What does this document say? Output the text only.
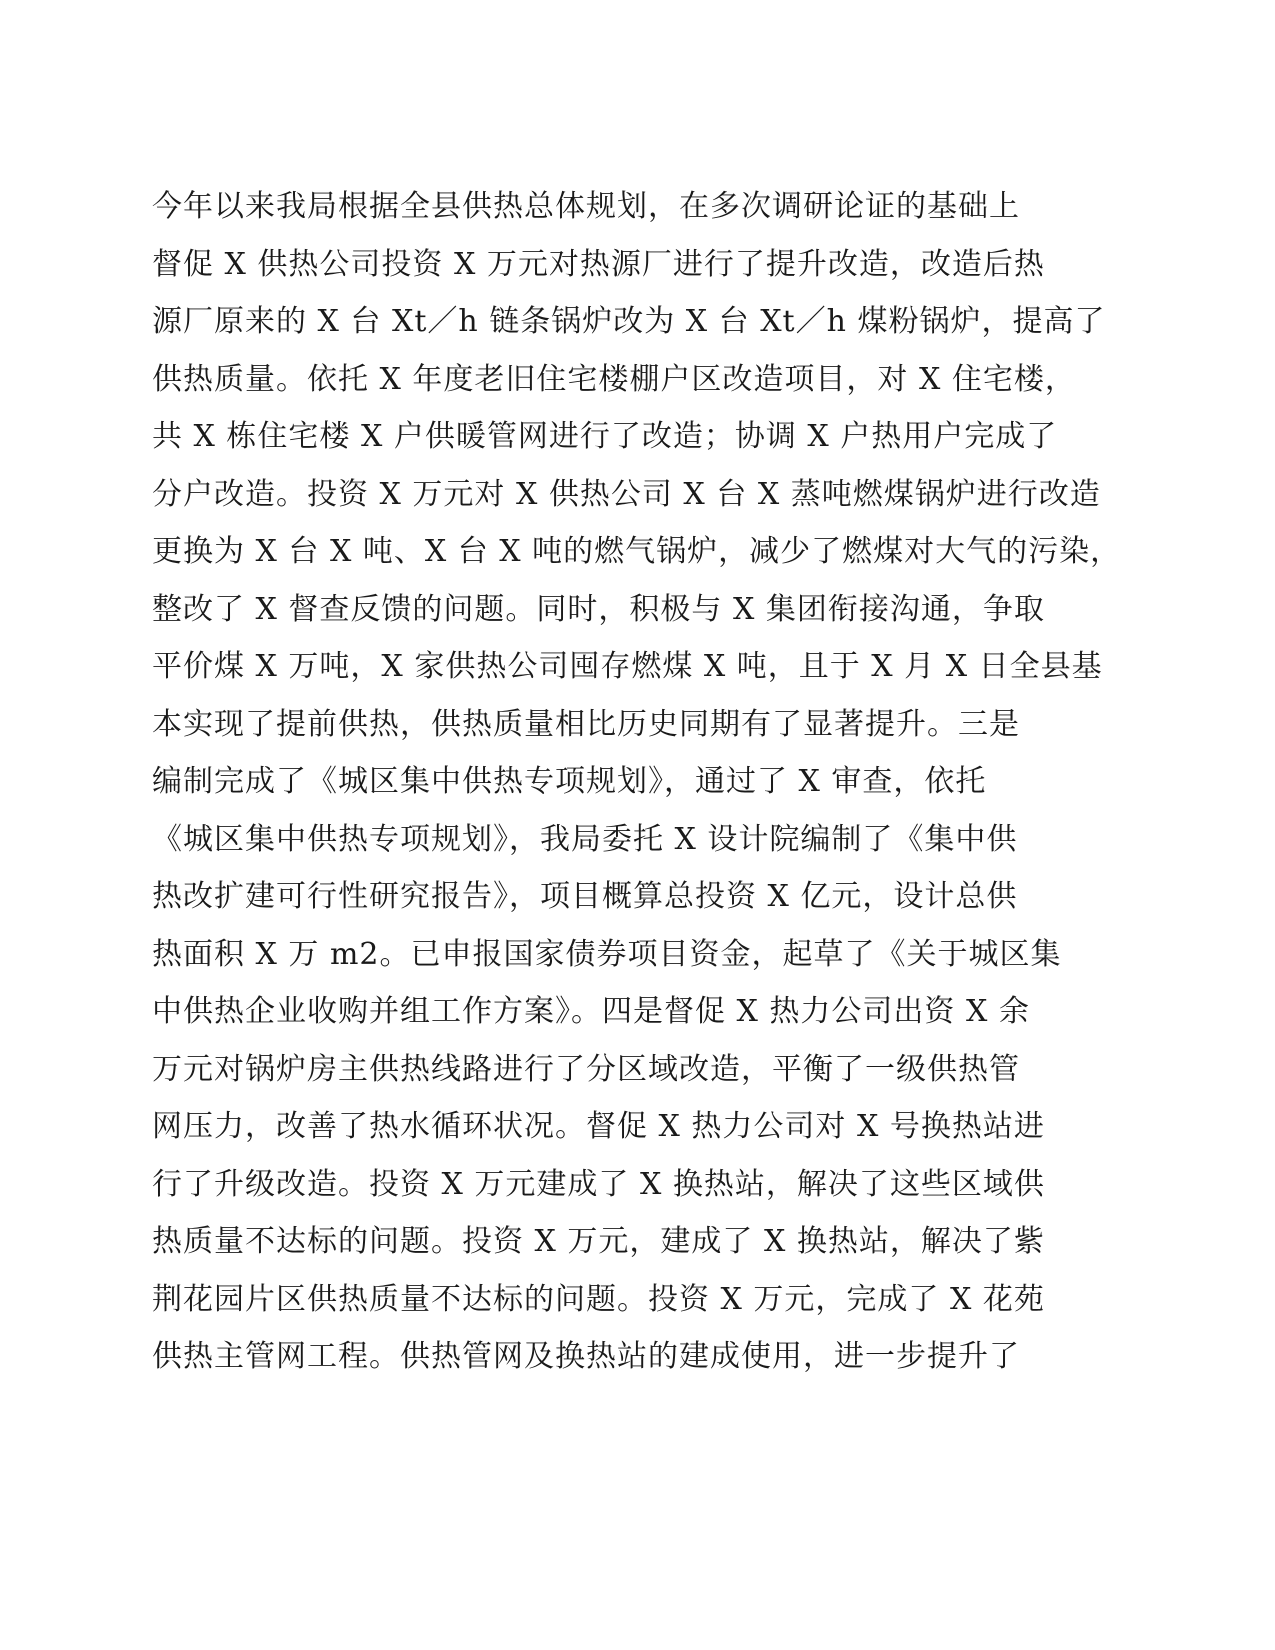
今年以来我局根据全县供热总体规划，在多次调研论证的基础上
督促 X 供热公司投资 X 万元对热源厂进行了提升改造，改造后热
源厂原来的 X 台 Xt／h 链条锅炉改为 X 台 Xt／h 煤粉锅炉，提高了
供热质量。依托 X 年度老旧住宅楼棚户区改造项目，对 X 住宅楼，
共 X 栋住宅楼 X 户供暖管网进行了改造；协调 X 户热用户完成了
分户改造。投资 X 万元对 X 供热公司 X 台 X 蒸吨燃煤锅炉进行改造
更换为 X 台 X 吨、X 台 X 吨的燃气锅炉，减少了燃煤对大气的污染，
整改了 X 督查反馈的问题。同时，积极与 X 集团衔接沟通，争取
平价煤 X 万吨，X 家供热公司囤存燃煤 X 吨，且于 X 月 X 日全县基
本实现了提前供热，供热质量相比历史同期有了显著提升。三是
编制完成了《城区集中供热专项规划》，通过了 X 审查，依托
《城区集中供热专项规划》，我局委托 X 设计院编制了《集中供
热改扩建可行性研究报告》，项目概算总投资 X 亿元，设计总供
热面积 X 万 m2。已申报国家债券项目资金，起草了《关于城区集
中供热企业收购并组工作方案》。四是督促 X 热力公司出资 X 余
万元对锅炉房主供热线路进行了分区域改造，平衡了一级供热管
网压力，改善了热水循环状况。督促 X 热力公司对 X 号换热站进
行了升级改造。投资 X 万元建成了 X 换热站，解决了这些区域供
热质量不达标的问题。投资 X 万元，建成了 X 换热站，解决了紫
荆花园片区供热质量不达标的问题。投资 X 万元，完成了 X 花苑
供热主管网工程。供热管网及换热站的建成使用，进一步提升了
